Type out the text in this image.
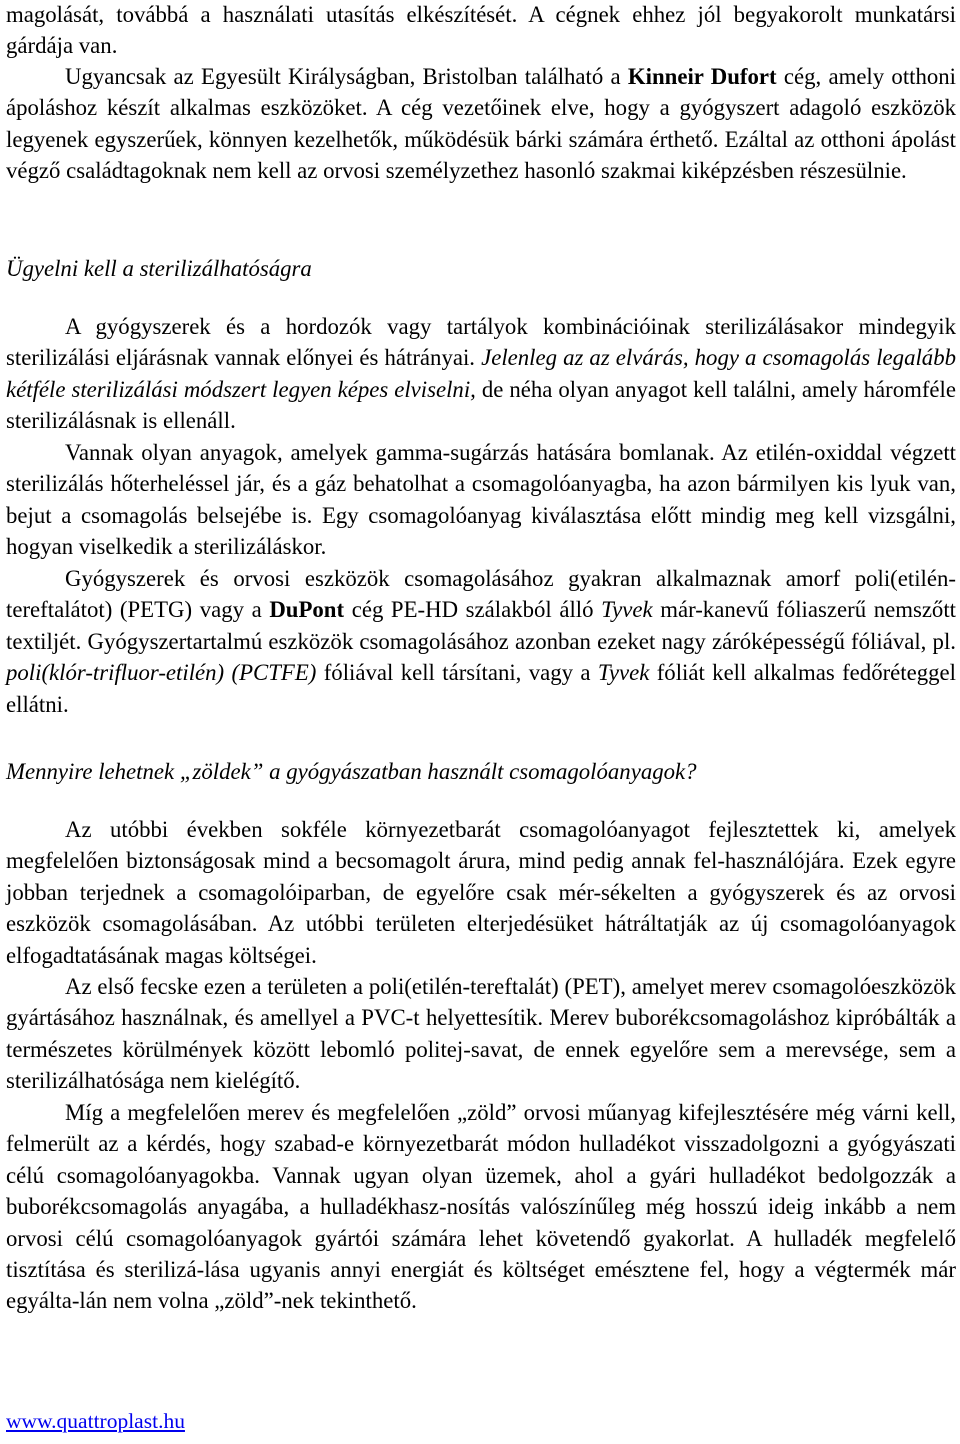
magolását, továbbá a használati utasítás elkészítését. A cégnek ehhez jól begyakorolt munkatársi gárdája van.

Ugyancsak az Egyesült Királyságban, Bristolban található a Kinneir Dufort cég, amely otthoni ápoláshoz készít alkalmas eszközöket. A cég vezetőinek elve, hogy a gyógyszert adagoló eszközök legyenek egyszerűek, könnyen kezelhetők, működésük bárki számára érthető. Ezáltal az otthoni ápolást végző családtagoknak nem kell az orvosi személyzethez hasonló szakmai kiképzésben részesülnie.

Ügyelni kell a sterilizálhatóságra

A gyógyszerek és a hordozók vagy tartályok kombinációinak sterilizálásakor mindegyik sterilizálási eljárásnak vannak előnyei és hátrányai. Jelenleg az az elvárás, hogy a csomagolás legalább kétféle sterilizálási módszert legyen képes elviselni, de néha olyan anyagot kell találni, amely háromféle sterilizálásnak is ellenáll.

Vannak olyan anyagok, amelyek gamma-sugárzás hatására bomlanak. Az etilén-oxiddal végzett sterilizálás hőterheléssel jár, és a gáz behatolhat a csomagolóanyagba, ha azon bármilyen kis lyuk van, bejut a csomagolás belsejébe is. Egy csomagolóanyag kiválasztása előtt mindig meg kell vizsgálni, hogyan viselkedik a sterilizáláskor.

Gyógyszerek és orvosi eszközök csomagolásához gyakran alkalmaznak amorf poli(etilén-tereftalátot) (PETG) vagy a DuPont cég PE-HD szálakból álló Tyvek már-kanevű fóliaszerű nemszőtt textiljét. Gyógyszertartalmú eszközök csomagolásához azonban ezeket nagy záróképességű fóliával, pl. poli(klór-trifluor-etilén) (PCTFE) fóliával kell társítani, vagy a Tyvek fóliát kell alkalmas fedőréteggel ellátni.

Mennyire lehetnek „zöldek” a gyógyászatban használt csomagolóanyagok?

Az utóbbi években sokféle környezetbarát csomagolóanyagot fejlesztettek ki, amelyek megfelelően biztonságosak mind a becsomagolt árura, mind pedig annak fel-használójára. Ezek egyre jobban terjednek a csomagolóiparban, de egyelőre csak mér-sékelten a gyógyszerek és az orvosi eszközök csomagolásában. Az utóbbi területen elterjedésüket hátráltatják az új csomagolóanyagok elfogadtatásának magas költségei.

Az első fecske ezen a területen a poli(etilén-tereftalát) (PET), amelyet merev csomagolóeszközök gyártásához használnak, és amellyel a PVC-t helyettesítik. Merev buborékcsomagoláshoz kipróbálták a természetes körülmények között lebomló politej-savat, de ennek egyelőre sem a merevsége, sem a sterilizálhatósága nem kielégítő.

Míg a megfelelően merev és megfelelően „zöld” orvosi műanyag kifejlesztésére még várni kell, felmerült az a kérdés, hogy szabad-e környezetbarát módon hulladékot visszadolgozni a gyógyászati célú csomagolóanyagokba. Vannak ugyan olyan üzemek, ahol a gyári hulladékot bedolgozzák a buborékcsomagolás anyagába, a hulladékhasz-nosítás valószínűleg még hosszú ideig inkább a nem orvosi célú csomagolóanyagok gyártói számára lehet követendő gyakorlat. A hulladék megfelelő tisztítása és sterilizá-lása ugyanis annyi energiát és költséget emésztene fel, hogy a végtermék már egyálta-lán nem volna „zöld”-nek tekinthető.

www.quattroplast.hu
